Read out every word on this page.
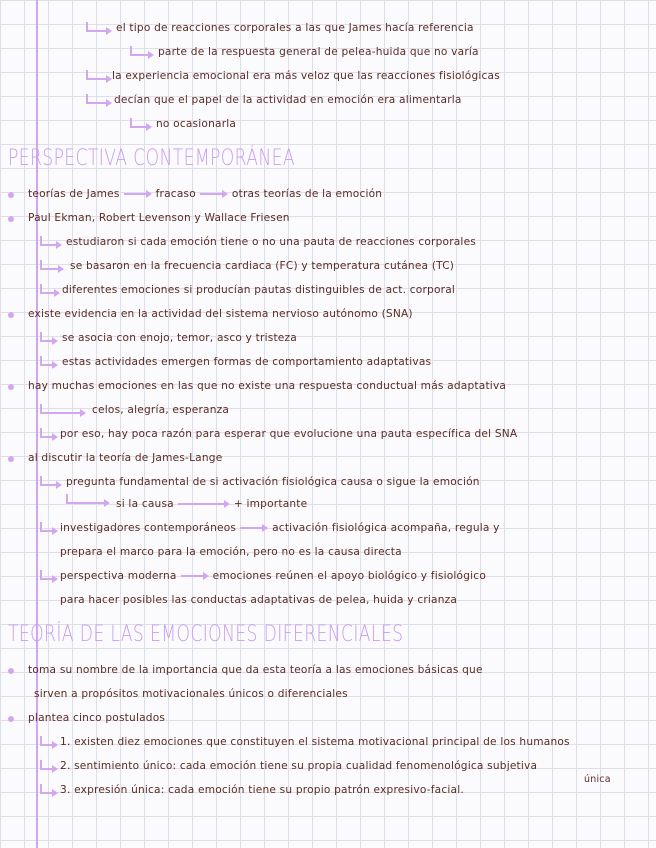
el tipo de reacciones corporales a las que James hacía referencia
parte de la respuesta general de pelea-huida que no varía
la experiencia emocional era más veloz que las reacciones fisiológicas
decían que el papel de la actividad en emoción era alimentarla
no ocasionarla
PERSPECTIVA CONTEMPORÁNEA
teorías de James	fracaso	otras teorías de la emoción
Paul Ekman, Robert Levenson y Wallace Friesen
estudiaron si cada emoción tiene o no una pauta de reacciones corporales
se basaron en la frecuencia cardiaca (FC) y temperatura cutánea (TC)
diferentes emociones si producían pautas distinguibles de act. corporal
existe evidencia en la actividad del sistema nervioso autónomo (SNA)
se asocia con enojo, temor, asco y tristeza
estas actividades emergen formas de comportamiento adaptativas
hay muchas emociones en las que no existe una respuesta conductual más adaptativa
celos, alegría, esperanza
por eso, hay poca razón para esperar que evolucione una pauta específica del SNA
al discutir la teoría de James-Lange
pregunta fundamental de si activación fisiológica causa o sigue la emoción
si la causa	+ importante
investigadores contemporáneos	activación fisiológica acompaña, regula y
prepara el marco para la emoción, pero no es la causa directa
perspectiva moderna	emociones reúnen el apoyo biológico y fisiológico
para hacer posibles las conductas adaptativas de pelea, huida y crianza
TEORÍA DE LAS EMOCIONES DIFERENCIALES
toma su nombre de la importancia que da esta teoría a las emociones básicas que
sirven a propósitos motivacionales únicos o diferenciales
plantea cinco postulados
1. existen diez emociones que constituyen el sistema motivacional principal de los humanos
2. sentimiento único: cada emoción tiene su propia cualidad fenomenológica subjetiva
3. expresión única: cada emoción tiene su propio patrón expresivo-facial.
única
